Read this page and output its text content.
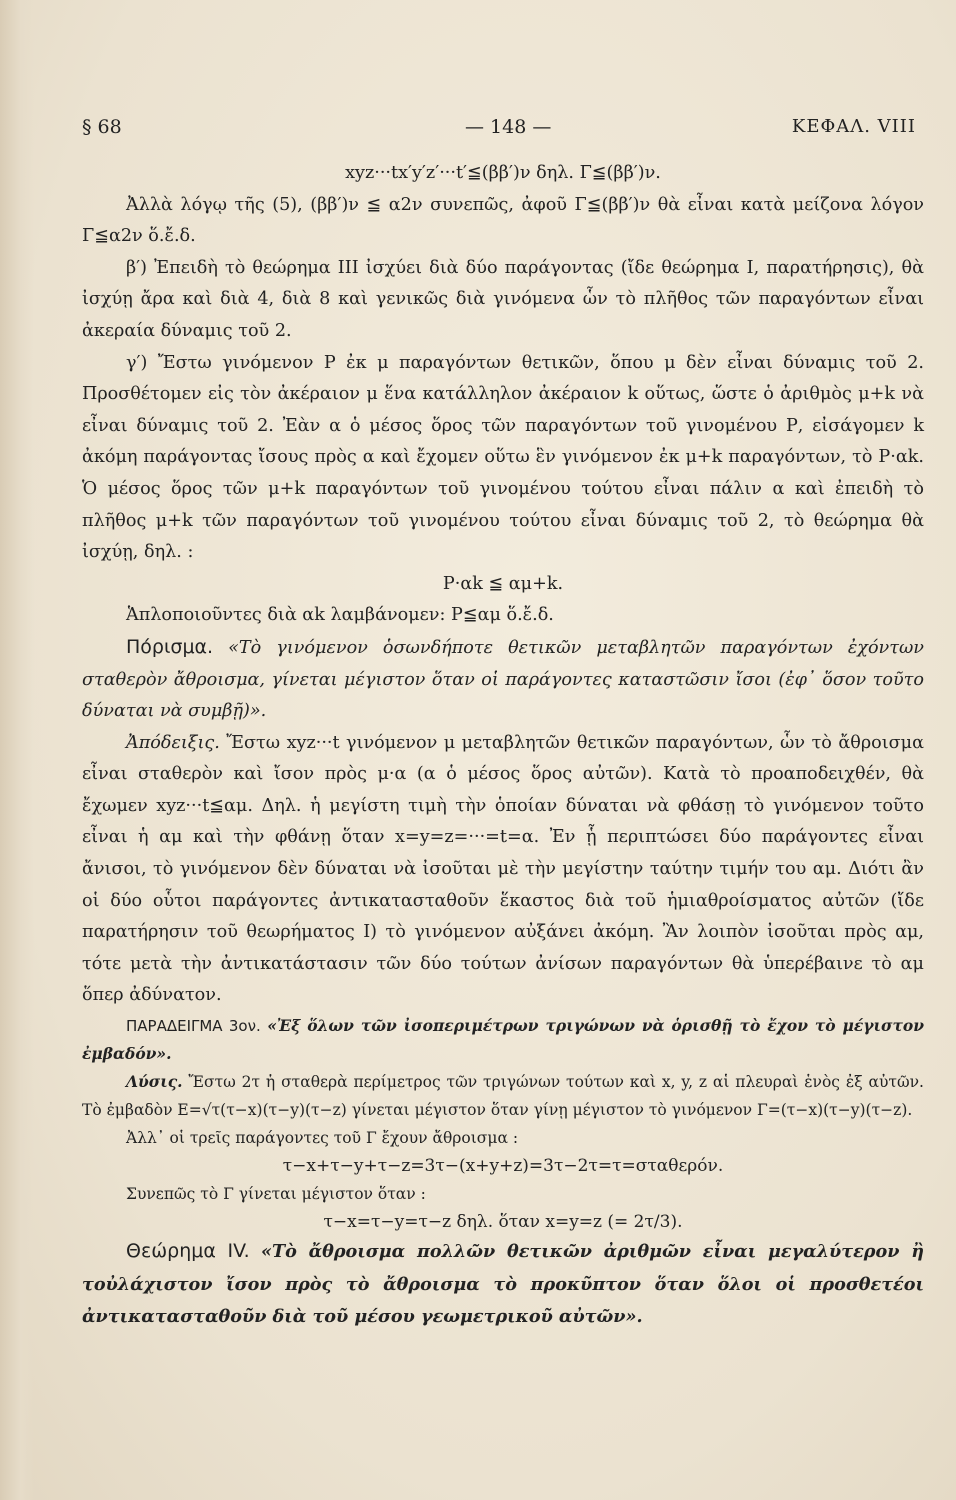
§ 68	— 148 —	ΚΕΦΑΛ. VIII

xyz···tx′y′z′···t′≦(ββ′)ν δηλ. Γ≦(ββ′)ν.

Ἀλλὰ λόγῳ τῆς (5), (ββ′)ν ≦ α2ν συνεπῶς, ἀφοῦ Γ≦(ββ′)ν θὰ εἶναι κατὰ μείζονα λόγον Γ≦α2ν ὅ.ἔ.δ.

β′) Ἐπειδὴ τὸ θεώρημα ΙΙΙ ἰσχύει διὰ δύο παράγοντας (ἴδε θεώρημα Ι, παρατήρησις), θὰ ἰσχύῃ ἄρα καὶ διὰ 4, διὰ 8 καὶ γενικῶς διὰ γινόμενα ὧν τὸ πλῆθος τῶν παραγόντων εἶναι ἀκεραία δύναμις τοῦ 2.

γ′) Ἔστω γινόμενον Ρ ἐκ μ παραγόντων θετικῶν, ὅπου μ δὲν εἶναι δύναμις τοῦ 2. Προσθέτομεν εἰς τὸν ἀκέραιον μ ἕνα κατάλληλον ἀκέραιον k οὕτως, ὥστε ὁ ἀριθμὸς μ+k νὰ εἶναι δύναμις τοῦ 2. Ἐὰν α ὁ μέσος ὅρος τῶν παραγόντων τοῦ γινομένου Ρ, εἰσάγομεν k ἀκόμη παράγοντας ἴσους πρὸς α καὶ ἔχομεν οὕτω ἓν γινόμενον ἐκ μ+k παραγόντων, τὸ Ρ·αk. Ὁ μέσος ὅρος τῶν μ+k παραγόντων τοῦ γινομένου τούτου εἶναι πάλιν α καὶ ἐπειδὴ τὸ πλῆθος μ+k τῶν παραγόντων τοῦ γινομένου τούτου εἶναι δύναμις τοῦ 2, τὸ θεώρημα θὰ ἰσχύῃ, δηλ. :

Ρ·αk ≦ αμ+k.

Ἁπλοποιοῦντες διὰ αk λαμβάνομεν: Ρ≦αμ ὅ.ἔ.δ.

Πόρισμα. «Τὸ γινόμενον ὁσωνδήποτε θετικῶν μεταβλητῶν παραγόντων ἐχόντων σταθερὸν ἄθροισμα, γίνεται μέγιστον ὅταν οἱ παράγοντες καταστῶσιν ἴσοι (ἐφ᾽ ὅσον τοῦτο δύναται νὰ συμβῇ)».

Ἀπόδειξις. Ἔστω xyz···t γινόμενον μ μεταβλητῶν θετικῶν παραγόντων, ὧν τὸ ἄθροισμα εἶναι σταθερὸν καὶ ἴσον πρὸς μ·α (α ὁ μέσος ὅρος αὐτῶν). Κατὰ τὸ προαποδειχθέν, θὰ ἔχωμεν xyz···t≦αμ. Δηλ. ἡ μεγίστη τιμὴ τὴν ὁποίαν δύναται νὰ φθάσῃ τὸ γινόμενον τοῦτο εἶναι ἡ αμ καὶ τὴν φθάνῃ ὅταν x=y=z=···=t=α. Ἐν ᾗ περιπτώσει δύο παράγοντες εἶναι ἄνισοι, τὸ γινόμενον δὲν δύναται νὰ ἰσοῦται μὲ τὴν μεγίστην ταύτην τιμήν του αμ. Διότι ἂν οἱ δύο οὗτοι παράγοντες ἀντικατασταθοῦν ἕκαστος διὰ τοῦ ἡμιαθροίσματος αὐτῶν (ἴδε παρατήρησιν τοῦ θεωρήματος Ι) τὸ γινόμενον αὐξάνει ἀκόμη. Ἂν λοιπὸν ἰσοῦται πρὸς αμ, τότε μετὰ τὴν ἀντικατάστασιν τῶν δύο τούτων ἀνίσων παραγόντων θὰ ὑπερέβαινε τὸ αμ ὅπερ ἀδύνατον.

ΠΑΡΑΔΕΙΓΜΑ 3ον. «Ἐξ ὅλων τῶν ἰσοπεριμέτρων τριγώνων νὰ ὁρισθῇ τὸ ἔχον τὸ μέγιστον ἐμβαδόν».

Λύσις. Ἔστω 2τ ἡ σταθερὰ περίμετρος τῶν τριγώνων τούτων καὶ x, y, z αἱ πλευραὶ ἑνὸς ἐξ αὐτῶν. Τὸ ἐμβαδὸν Ε=√τ(τ−x)(τ−y)(τ−z) γίνεται μέγιστον ὅταν γίνῃ μέγιστον τὸ γινόμενον Γ=(τ−x)(τ−y)(τ−z).

Ἀλλ᾽ οἱ τρεῖς παράγοντες τοῦ Γ ἔχουν ἄθροισμα :

τ−x+τ−y+τ−z=3τ−(x+y+z)=3τ−2τ=τ=σταθερόν.

Συνεπῶς τὸ Γ γίνεται μέγιστον ὅταν :

τ−x=τ−y=τ−z δηλ. ὅταν x=y=z (= 2τ/3).

Θεώρημα IV. «Τὸ ἄθροισμα πολλῶν θετικῶν ἀριθμῶν εἶναι μεγαλύτερον ἢ τοὐλάχιστον ἴσον πρὸς τὸ ἄθροισμα τὸ προκῦπτον ὅταν ὅλοι οἱ προσθετέοι ἀντικατασταθοῦν διὰ τοῦ μέσου γεωμετρικοῦ αὐτῶν».
